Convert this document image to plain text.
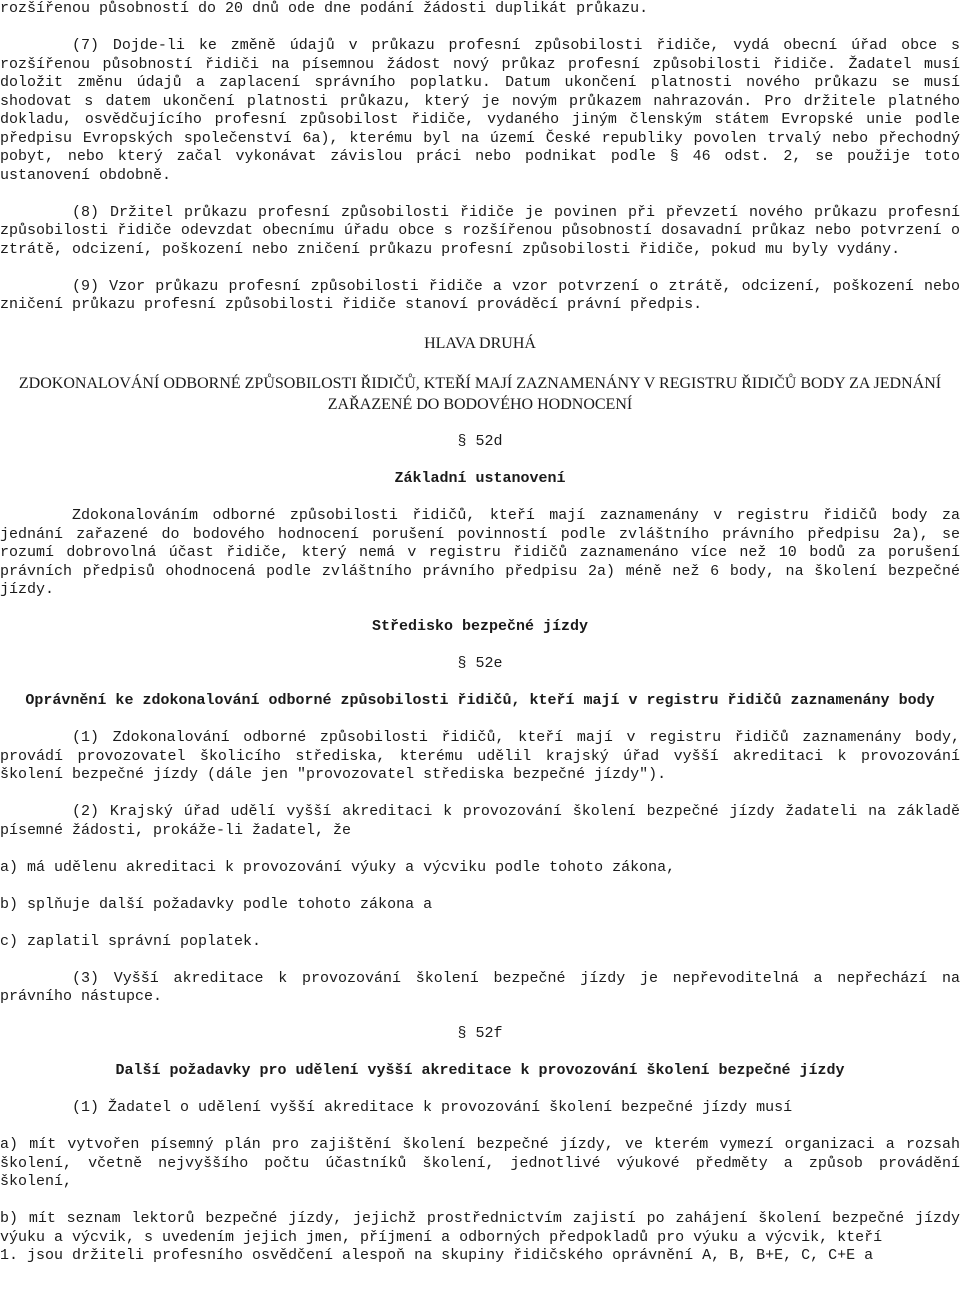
rozšířenou působností do 20 dnů ode dne podání žádosti duplikát průkazu.
(7) Dojde-li ke změně údajů v průkazu profesní způsobilosti řidiče, vydá obecní úřad obce s rozšířenou působností řidiči na písemnou žádost nový průkaz profesní způsobilosti řidiče. Žadatel musí doložit změnu údajů a zaplacení správního poplatku. Datum ukončení platnosti nového průkazu se musí shodovat s datem ukončení platnosti průkazu, který je novým průkazem nahrazován. Pro držitele platného dokladu, osvědčujícího profesní způsobilost řidiče, vydaného jiným členským státem Evropské unie podle předpisu Evropských společenství 6a), kterému byl na území České republiky povolen trvalý nebo přechodný pobyt, nebo který začal vykonávat závislou práci nebo podnikat podle § 46 odst. 2, se použije toto ustanovení obdobně.
(8) Držitel průkazu profesní způsobilosti řidiče je povinen při převzetí nového průkazu profesní způsobilosti řidiče odevzdat obecnímu úřadu obce s rozšířenou působností dosavadní průkaz nebo potvrzení o ztrátě, odcizení, poškození nebo zničení průkazu profesní způsobilosti řidiče, pokud mu byly vydány.
(9) Vzor průkazu profesní způsobilosti řidiče a vzor potvrzení o ztrátě, odcizení, poškození nebo zničení průkazu profesní způsobilosti řidiče stanoví prováděcí právní předpis.
HLAVA DRUHÁ
ZDOKONALOVÁNÍ ODBORNÉ ZPŮSOBILOSTI ŘIDIČŮ, KTEŘÍ MAJÍ ZAZNAMENÁNY V REGISTRU ŘIDIČŮ BODY ZA JEDNÁNÍ ZAŘAZENÉ DO BODOVÉHO HODNOCENÍ
§ 52d
Základní ustanovení
Zdokonalováním odborné způsobilosti řidičů, kteří mají zaznamenány v registru řidičů body za jednání zařazené do bodového hodnocení porušení povinností podle zvláštního právního předpisu 2a), se rozumí dobrovolná účast řidiče, který nemá v registru řidičů zaznamenáno více než 10 bodů za porušení právních předpisů ohodnocená podle zvláštního právního předpisu 2a) méně než 6 body, na školení bezpečné jízdy.
Středisko bezpečné jízdy
§ 52e
Oprávnění ke zdokonalování odborné způsobilosti řidičů, kteří mají v registru řidičů zaznamenány body
(1) Zdokonalování odborné způsobilosti řidičů, kteří mají v registru řidičů zaznamenány body, provádí provozovatel školicího střediska, kterému udělil krajský úřad vyšší akreditaci k provozování školení bezpečné jízdy (dále jen "provozovatel střediska bezpečné jízdy").
(2) Krajský úřad udělí vyšší akreditaci k provozování školení bezpečné jízdy žadateli na základě písemné žádosti, prokáže-li žadatel, že
a) má udělenu akreditaci k provozování výuky a výcviku podle tohoto zákona,
b) splňuje další požadavky podle tohoto zákona a
c) zaplatil správní poplatek.
(3) Vyšší akreditace k provozování školení bezpečné jízdy je nepřevoditelná a nepřechází na právního nástupce.
§ 52f
Další požadavky pro udělení vyšší akreditace k provozování školení bezpečné jízdy
(1) Žadatel o udělení vyšší akreditace k provozování školení bezpečné jízdy musí
a) mít vytvořen písemný plán pro zajištění školení bezpečné jízdy, ve kterém vymezí organizaci a rozsah školení, včetně nejvyššího počtu účastníků školení, jednotlivé výukové předměty a způsob provádění školení,
b) mít seznam lektorů bezpečné jízdy, jejichž prostřednictvím zajistí po zahájení školení bezpečné jízdy výuku a výcvik, s uvedením jejich jmen, příjmení a odborných předpokladů pro výuku a výcvik, kteří
1. jsou držiteli profesního osvědčení alespoň na skupiny řidičského oprávnění A, B, B+E, C, C+E a
